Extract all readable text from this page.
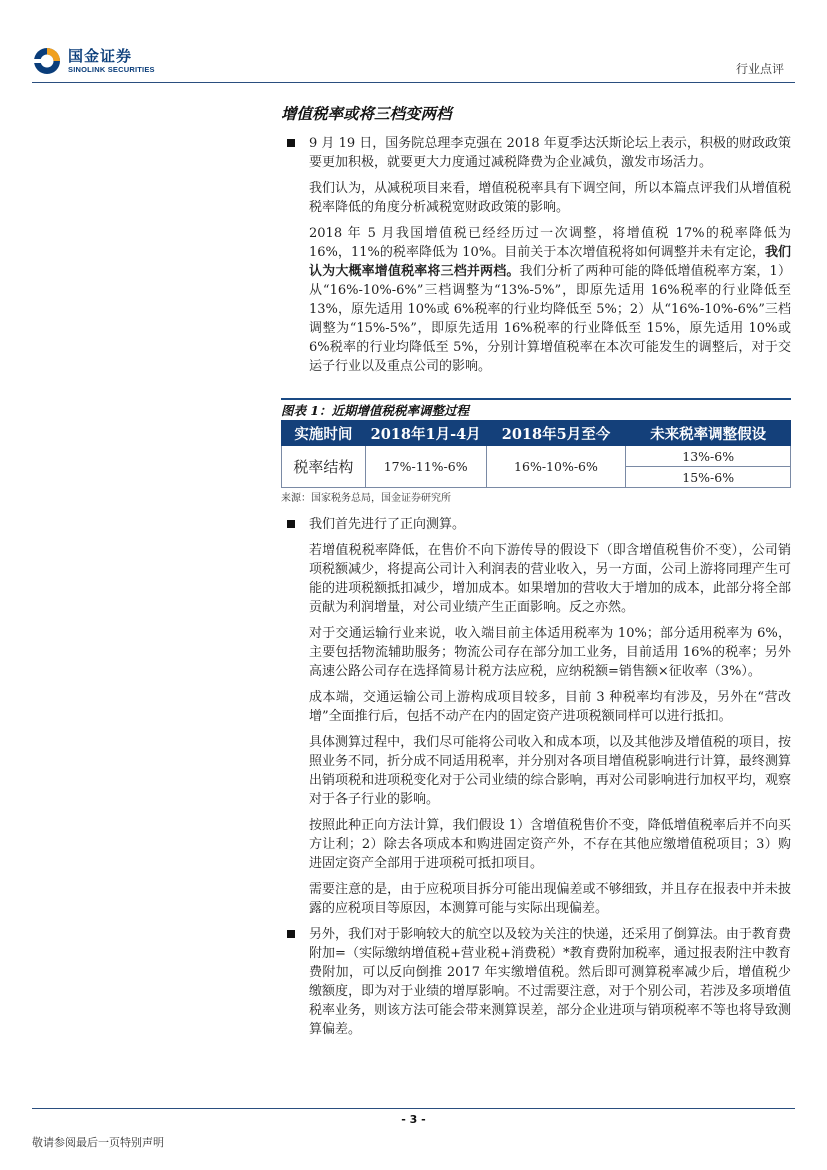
国金证券
SINOLINK SECURITIES	行业点评
增值税率或将三档变两档

9 月 19 日，国务院总理李克强在 2018 年夏季达沃斯论坛上表示，积极的财政政策要更加积极，就要更大力度通过减税降费为企业减负，激发市场活力。

我们认为，从减税项目来看，增值税税率具有下调空间，所以本篇点评我们从增值税税率降低的角度分析减税宽财政政策的影响。

2018 年 5 月我国增值税已经经历过一次调整，将增值税 17%的税率降低为 16%，11%的税率降低为 10%。目前关于本次增值税将如何调整并未有定论，我们认为大概率增值税率将三档并两档。我们分析了两种可能的降低增值税率方案，1）从“16%-10%-6%”三档调整为“13%-5%”，即原先适用 16%税率的行业降低至 13%，原先适用 10%或 6%税率的行业均降低至 5%；2）从“16%-10%-6%”三档调整为“15%-5%”，即原先适用 16%税率的行业降低至 15%，原先适用 10%或 6%税率的行业均降低至 5%，分别计算增值税率在本次可能发生的调整后，对于交运子行业以及重点公司的影响。

图表 1：近期增值税税率调整过程
实施时间	2018年1月-4月	2018年5月至今	未来税率调整假设
税率结构	17%-11%-6%	16%-10%-6%	13%-6%
			15%-6%
来源：国家税务总局，国金证券研究所

我们首先进行了正向测算。

若增值税税率降低，在售价不向下游传导的假设下（即含增值税售价不变），公司销项税额减少，将提高公司计入利润表的营业收入，另一方面，公司上游将同理产生可能的进项税额抵扣减少，增加成本。如果增加的营收大于增加的成本，此部分将全部贡献为利润增量，对公司业绩产生正面影响。反之亦然。

对于交通运输行业来说，收入端目前主体适用税率为 10%；部分适用税率为 6%，主要包括物流辅助服务；物流公司存在部分加工业务，目前适用 16%的税率；另外高速公路公司存在选择简易计税方法应税，应纳税额=销售额×征收率（3%）。

成本端，交通运输公司上游构成项目较多，目前 3 种税率均有涉及，另外在“营改增”全面推行后，包括不动产在内的固定资产进项税额同样可以进行抵扣。

具体测算过程中，我们尽可能将公司收入和成本项，以及其他涉及增值税的项目，按照业务不同，折分成不同适用税率，并分别对各项目增值税影响进行计算，最终测算出销项税和进项税变化对于公司业绩的综合影响，再对公司影响进行加权平均，观察对于各子行业的影响。

按照此种正向方法计算，我们假设 1）含增值税售价不变，降低增值税率后并不向买方让利；2）除去各项成本和购进固定资产外，不存在其他应缴增值税项目；3）购进固定资产全部用于进项税可抵扣项目。

需要注意的是，由于应税项目拆分可能出现偏差或不够细致，并且存在报表中并未披露的应税项目等原因，本测算可能与实际出现偏差。

另外，我们对于影响较大的航空以及较为关注的快递，还采用了倒算法。由于教育费附加=（实际缴纳增值税+营业税+消费税）*教育费附加税率，通过报表附注中教育费附加，可以反向倒推 2017 年实缴增值税。然后即可测算税率减少后，增值税少缴额度，即为对于业绩的增厚影响。不过需要注意，对于个别公司，若涉及多项增值税率业务，则该方法可能会带来测算误差，部分企业进项与销项税率不等也将导致测算偏差。

- 3 -
敬请参阅最后一页特别声明
